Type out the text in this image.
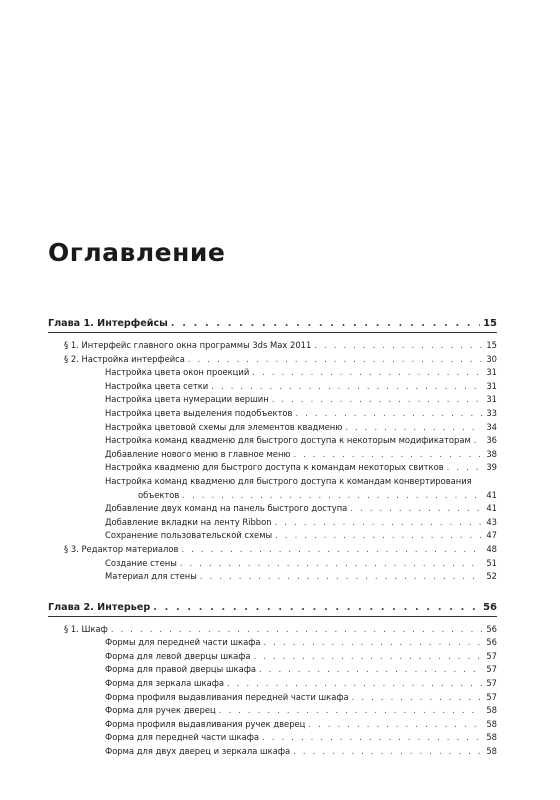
Оглавление
Глава 1. Интерфейсы . . .	15
§ 1. Интерфейс главного окна программы 3ds Max 2011 . . .	15
§ 2. Настройка интерфейса . . .	30
Настройка цвета окон проекций . . .	31
Настройка цвета сетки . . .	31
Настройка цвета нумерации вершин . . .	31
Настройка цвета выделения подобъектов . . .	33
Настройка цветовой схемы для элементов квадменю . . .	34
Настройка команд квадменю для быстрого доступа к некоторым модификаторам . . . 36
Добавление нового меню в главное меню . . .	38
Настройка квадменю для быстрого доступа к командам некоторых свитков . . .	39
Настройка команд квадменю для быстрого доступа к командам конвертирования
объектов . . .	41
Добавление двух команд на панель быстрого доступа . . .	41
Добавление вкладки на ленту Ribbon . . .	43
Сохранение пользовательской схемы . . .	47
§ 3. Редактор материалов . . .	48
Создание стены . . .	51
Материал для стены . . .	52
Глава 2. Интерьер . . .	56
§ 1. Шкаф . . .	56
Формы для передней части шкафа . . .	56
Форма для левой дверцы шкафа . . .	57
Форма для правой дверцы шкафа . . .	57
Форма для зеркала шкафа . . .	57
Форма профиля выдавливания передней части шкафа . . .	57
Форма для ручек дверец . . .	58
Форма профиля выдавливания ручек дверец . . .	58
Форма для передней части шкафа . . .	58
Форма для двух дверец и зеркала шкафа . . .	58
